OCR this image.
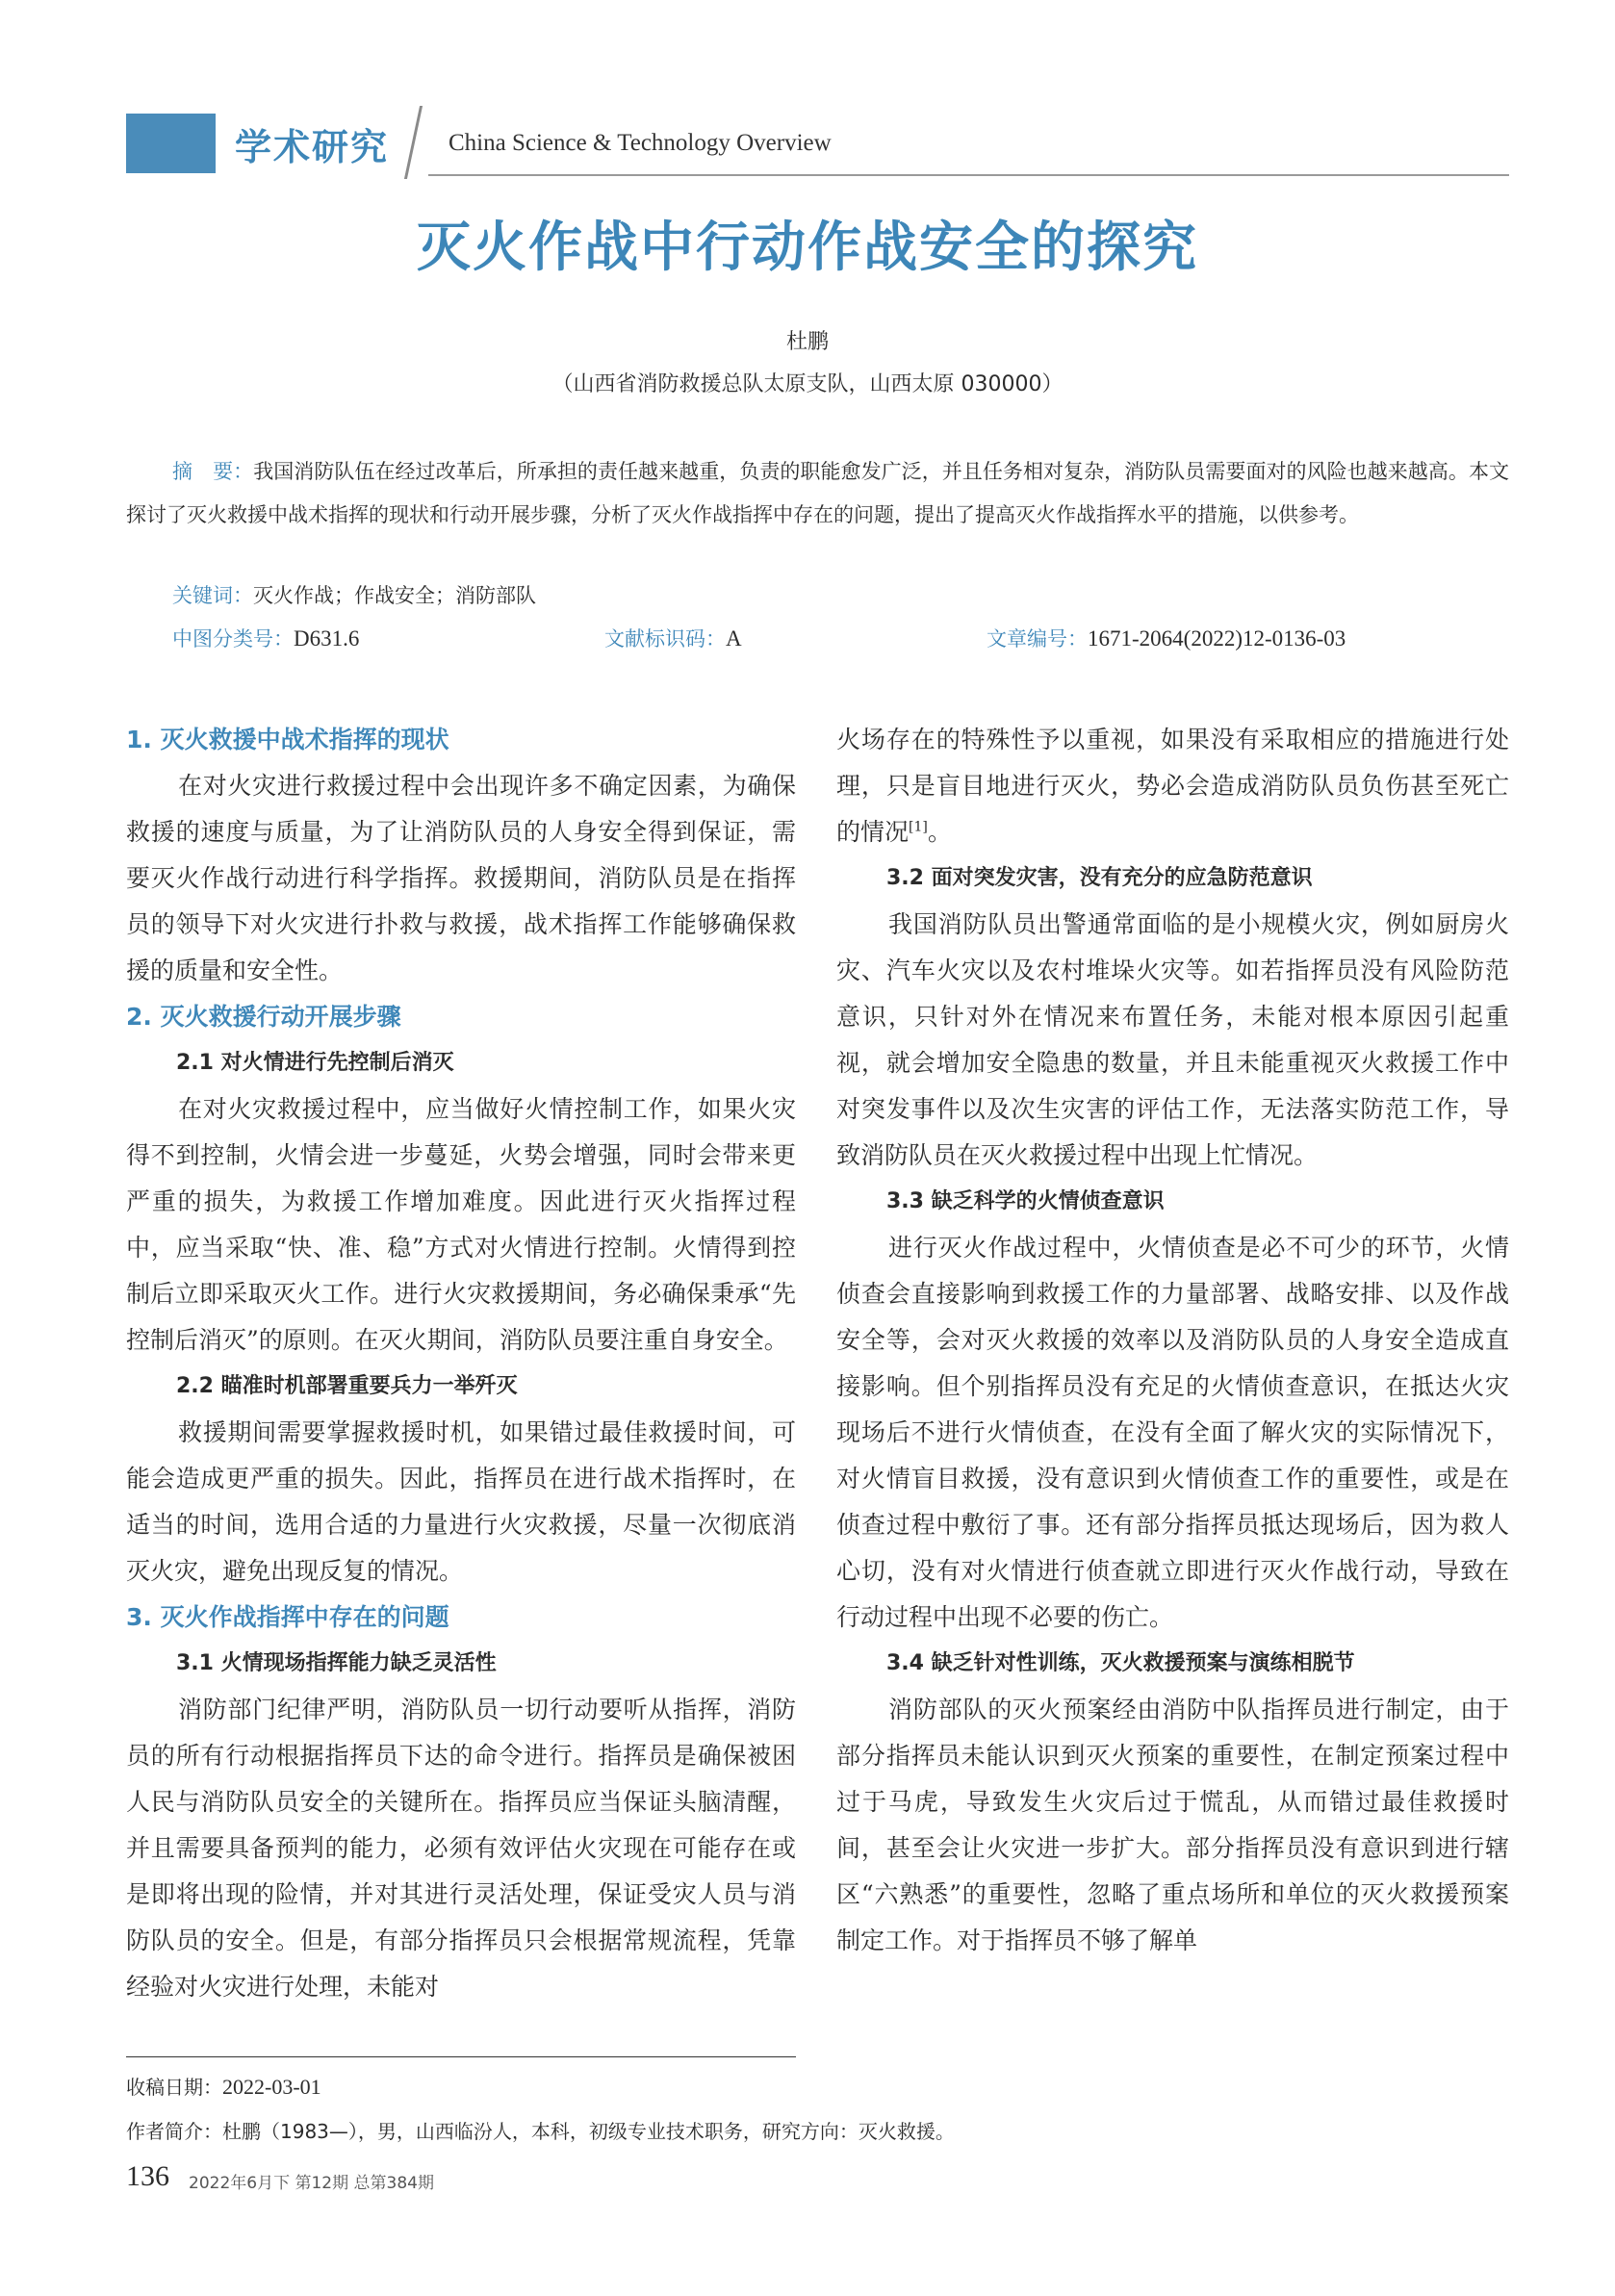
学术研究 China Science & Technology Overview
灭火作战中行动作战安全的探究
杜鹏
（山西省消防救援总队太原支队，山西太原 030000）
摘　要：我国消防队伍在经过改革后，所承担的责任越来越重，负责的职能愈发广泛，并且任务相对复杂，消防队员需要面对的风险也越来越高。本文探讨了灭火救援中战术指挥的现状和行动开展步骤，分析了灭火作战指挥中存在的问题，提出了提高灭火作战指挥水平的措施，以供参考。
关键词：灭火作战；作战安全；消防部队
中图分类号：D631.6	文献标识码：A	文章编号：1671-2064(2022)12-0136-03
1. 灭火救援中战术指挥的现状

在对火灾进行救援过程中会出现许多不确定因素，为确保救援的速度与质量，为了让消防队员的人身安全得到保证，需要灭火作战行动进行科学指挥。救援期间，消防队员是在指挥员的领导下对火灾进行扑救与救援，战术指挥工作能够确保救援的质量和安全性。

2. 灭火救援行动开展步骤
2.1 对火情进行先控制后消灭

在对火灾救援过程中，应当做好火情控制工作，如果火灾得不到控制，火情会进一步蔓延，火势会增强，同时会带来更严重的损失，为救援工作增加难度。因此进行灭火指挥过程中，应当采取“快、准、稳”方式对火情进行控制。火情得到控制后立即采取灭火工作。进行火灾救援期间，务必确保秉承“先控制后消灭”的原则。在灭火期间，消防队员要注重自身安全。

2.2 瞄准时机部署重要兵力一举歼灭

救援期间需要掌握救援时机，如果错过最佳救援时间，可能会造成更严重的损失。因此，指挥员在进行战术指挥时，在适当的时间，选用合适的力量进行火灾救援，尽量一次彻底消灭火灾，避免出现反复的情况。

3. 灭火作战指挥中存在的问题
3.1 火情现场指挥能力缺乏灵活性

消防部门纪律严明，消防队员一切行动要听从指挥，消防员的所有行动根据指挥员下达的命令进行。指挥员是确保被困人民与消防队员安全的关键所在。指挥员应当保证头脑清醒，并且需要具备预判的能力，必须有效评估火灾现在可能存在或是即将出现的险情，并对其进行灵活处理，保证受灾人员与消防队员的安全。但是，有部分指挥员只会根据常规流程，凭靠经验对火灾进行处理，未能对

火场存在的特殊性予以重视，如果没有采取相应的措施进行处理，只是盲目地进行灭火，势必会造成消防队员负伤甚至死亡的情况[1]。

3.2 面对突发灾害，没有充分的应急防范意识

我国消防队员出警通常面临的是小规模火灾，例如厨房火灾、汽车火灾以及农村堆垛火灾等。如若指挥员没有风险防范意识，只针对外在情况来布置任务，未能对根本原因引起重视，就会增加安全隐患的数量，并且未能重视灭火救援工作中对突发事件以及次生灾害的评估工作，无法落实防范工作，导致消防队员在灭火救援过程中出现上忙情况。

3.3 缺乏科学的火情侦查意识

进行灭火作战过程中，火情侦查是必不可少的环节，火情侦查会直接影响到救援工作的力量部署、战略安排、以及作战安全等，会对灭火救援的效率以及消防队员的人身安全造成直接影响。但个别指挥员没有充足的火情侦查意识，在抵达火灾现场后不进行火情侦查，在没有全面了解火灾的实际情况下，对火情盲目救援，没有意识到火情侦查工作的重要性，或是在侦查过程中敷衍了事。还有部分指挥员抵达现场后，因为救人心切，没有对火情进行侦查就立即进行灭火作战行动，导致在行动过程中出现不必要的伤亡。

3.4 缺乏针对性训练，灭火救援预案与演练相脱节

消防部队的灭火预案经由消防中队指挥员进行制定，由于部分指挥员未能认识到灭火预案的重要性，在制定预案过程中过于马虎，导致发生火灾后过于慌乱，从而错过最佳救援时间，甚至会让火灾进一步扩大。部分指挥员没有意识到进行辖区“六熟悉”的重要性，忽略了重点场所和单位的灭火救援预案制定工作。对于指挥员不够了解单

收稿日期：2022-03-01
作者简介：杜鹏（1983—），男，山西临汾人，本科，初级专业技术职务，研究方向：灭火救援。
136 2022年6月下 第12期 总第384期
